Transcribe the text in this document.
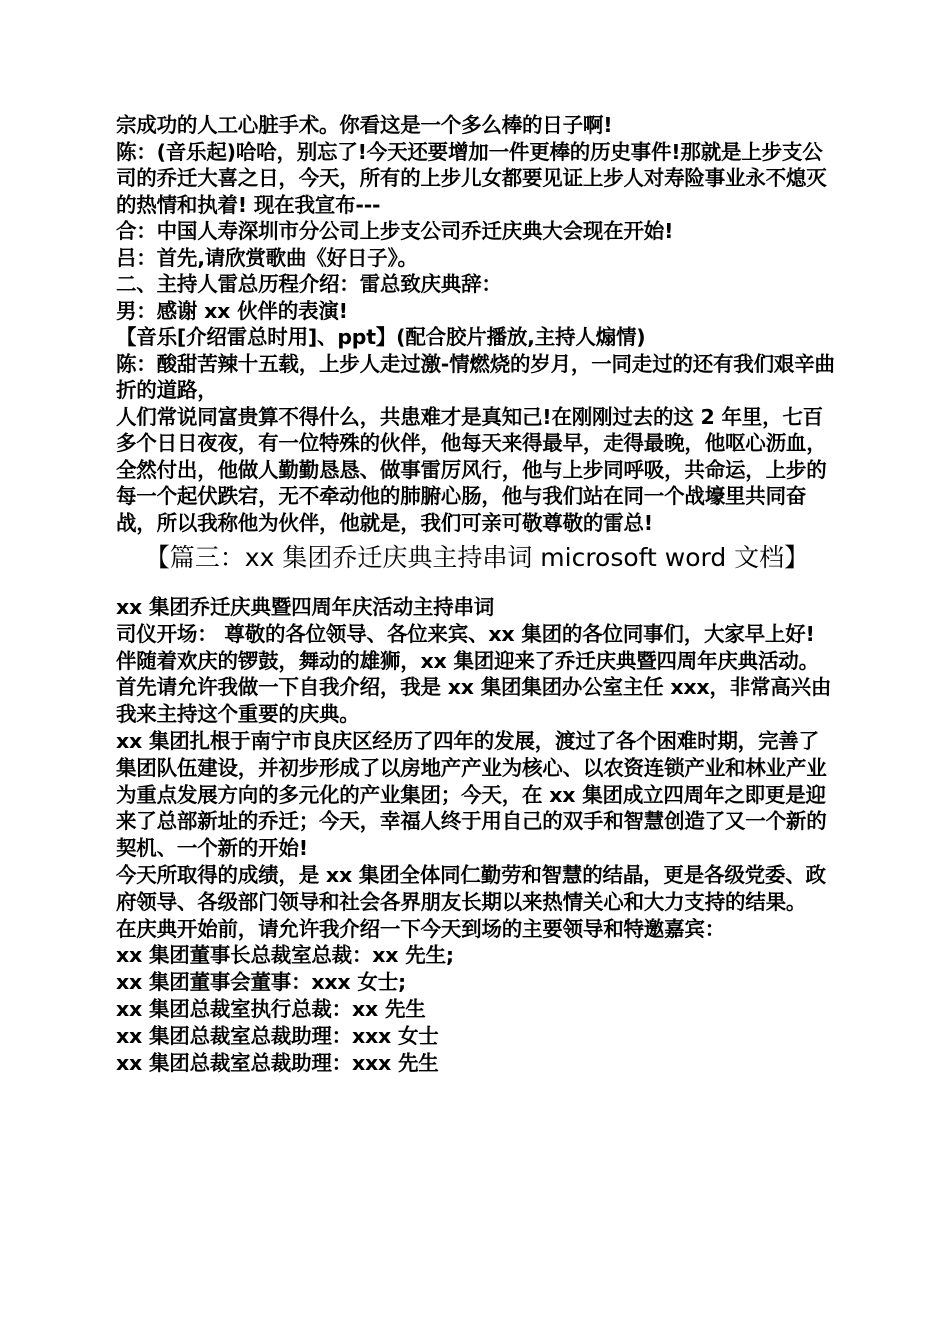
宗成功的人工心脏手术。你看这是一个多么棒的日子啊!

陈：(音乐起)哈哈，别忘了!今天还要增加一件更棒的历史事件!那就是上步支公司的乔迁大喜之日，今天，所有的上步儿女都要见证上步人对寿险事业永不熄灭的热情和执着! 现在我宣布---

合：中国人寿深圳市分公司上步支公司乔迁庆典大会现在开始!

吕：首先,请欣赏歌曲《好日子》。

二、主持人雷总历程介绍：雷总致庆典辞：

男：感谢 xx 伙伴的表演!

【音乐[介绍雷总时用]、ppt】(配合胶片播放,主持人煽情)

陈：酸甜苦辣十五载，上步人走过激-情燃烧的岁月，一同走过的还有我们艰辛曲折的道路，

人们常说同富贵算不得什么，共患难才是真知己!在刚刚过去的这 2 年里，七百多个日日夜夜，有一位特殊的伙伴，他每天来得最早，走得最晚，他呕心沥血，全然付出，他做人勤勤恳恳、做事雷厉风行，他与上步同呼吸，共命运，上步的每一个起伏跌宕，无不牵动他的肺腑心肠，他与我们站在同一个战壕里共同奋战，所以我称他为伙伴，他就是，我们可亲可敬尊敬的雷总!

【篇三：xx 集团乔迁庆典主持串词 microsoft word 文档】

xx 集团乔迁庆典暨四周年庆活动主持串词

司仪开场： 尊敬的各位领导、各位来宾、xx 集团的各位同事们，大家早上好!

伴随着欢庆的锣鼓，舞动的雄狮，xx 集团迎来了乔迁庆典暨四周年庆典活动。首先请允许我做一下自我介绍，我是 xx 集团集团办公室主任 xxx，非常高兴由我来主持这个重要的庆典。

xx 集团扎根于南宁市良庆区经历了四年的发展，渡过了各个困难时期，完善了集团队伍建设，并初步形成了以房地产产业为核心、以农资连锁产业和林业产业为重点发展方向的多元化的产业集团；今天，在 xx 集团成立四周年之即更是迎来了总部新址的乔迁；今天，幸福人终于用自己的双手和智慧创造了又一个新的契机、一个新的开始!

今天所取得的成绩，是 xx 集团全体同仁勤劳和智慧的结晶，更是各级党委、政府领导、各级部门领导和社会各界朋友长期以来热情关心和大力支持的结果。

在庆典开始前，请允许我介绍一下今天到场的主要领导和特邀嘉宾：

xx 集团董事长总裁室总裁：xx 先生;

xx 集团董事会董事：xxx 女士;

xx 集团总裁室执行总裁：xx 先生

xx 集团总裁室总裁助理：xxx 女士

xx 集团总裁室总裁助理：xxx 先生
